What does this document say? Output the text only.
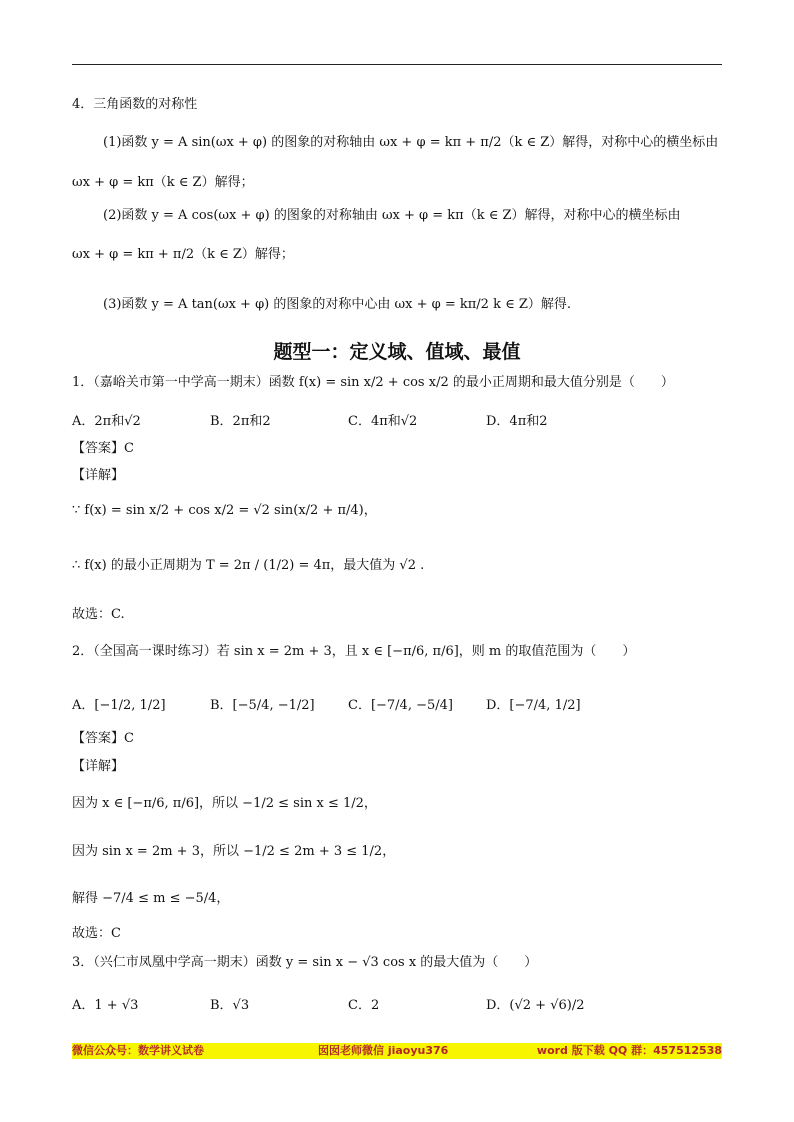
4．三角函数的对称性
(1)函数 y = A sin(ωx + φ) 的图象的对称轴由 ωx + φ = kπ + π/2（k ∈ Z）解得，对称中心的横坐标由
ωx + φ = kπ（k ∈ Z）解得；
(2)函数 y = A cos(ωx + φ) 的图象的对称轴由 ωx + φ = kπ（k ∈ Z）解得，对称中心的横坐标由
ωx + φ = kπ + π/2（k ∈ Z）解得；
(3)函数 y = A tan(ωx + φ) 的图象的对称中心由 ωx + φ = kπ/2 k ∈ Z）解得.
题型一：定义域、值域、最值
1．（嘉峪关市第一中学高一期末）函数 f(x) = sin x/2 + cos x/2 的最小正周期和最大值分别是（　　）
A．2π和√2	B．2π和2	C．4π和√2	D．4π和2
【答案】C
【详解】
∵ f(x) = sin x/2 + cos x/2 = √2 sin(x/2 + π/4)，
∴ f(x) 的最小正周期为 T = 2π / (1/2) = 4π，最大值为 √2 .
故选：C.
2．（全国高一课时练习）若 sin x = 2m + 3，且 x ∈ [−π/6, π/6]，则 m 的取值范围为（　　）
A．[−1/2, 1/2]	B．[−5/4, −1/2]	C．[−7/4, −5/4]	D．[−7/4, 1/2]
【答案】C
【详解】
因为 x ∈ [−π/6, π/6]，所以 −1/2 ≤ sin x ≤ 1/2，
因为 sin x = 2m + 3，所以 −1/2 ≤ 2m + 3 ≤ 1/2，
解得 −7/4 ≤ m ≤ −5/4，
故选：C
3．（兴仁市凤凰中学高一期末）函数 y = sin x − √3 cos x 的最大值为（　　）
A．1 + √3	B．√3	C．2	D．(√2 + √6)/2
微信公众号：数学讲义试卷	囡囡老师微信 jiaoyu376	word 版下载 QQ 群：457512538
